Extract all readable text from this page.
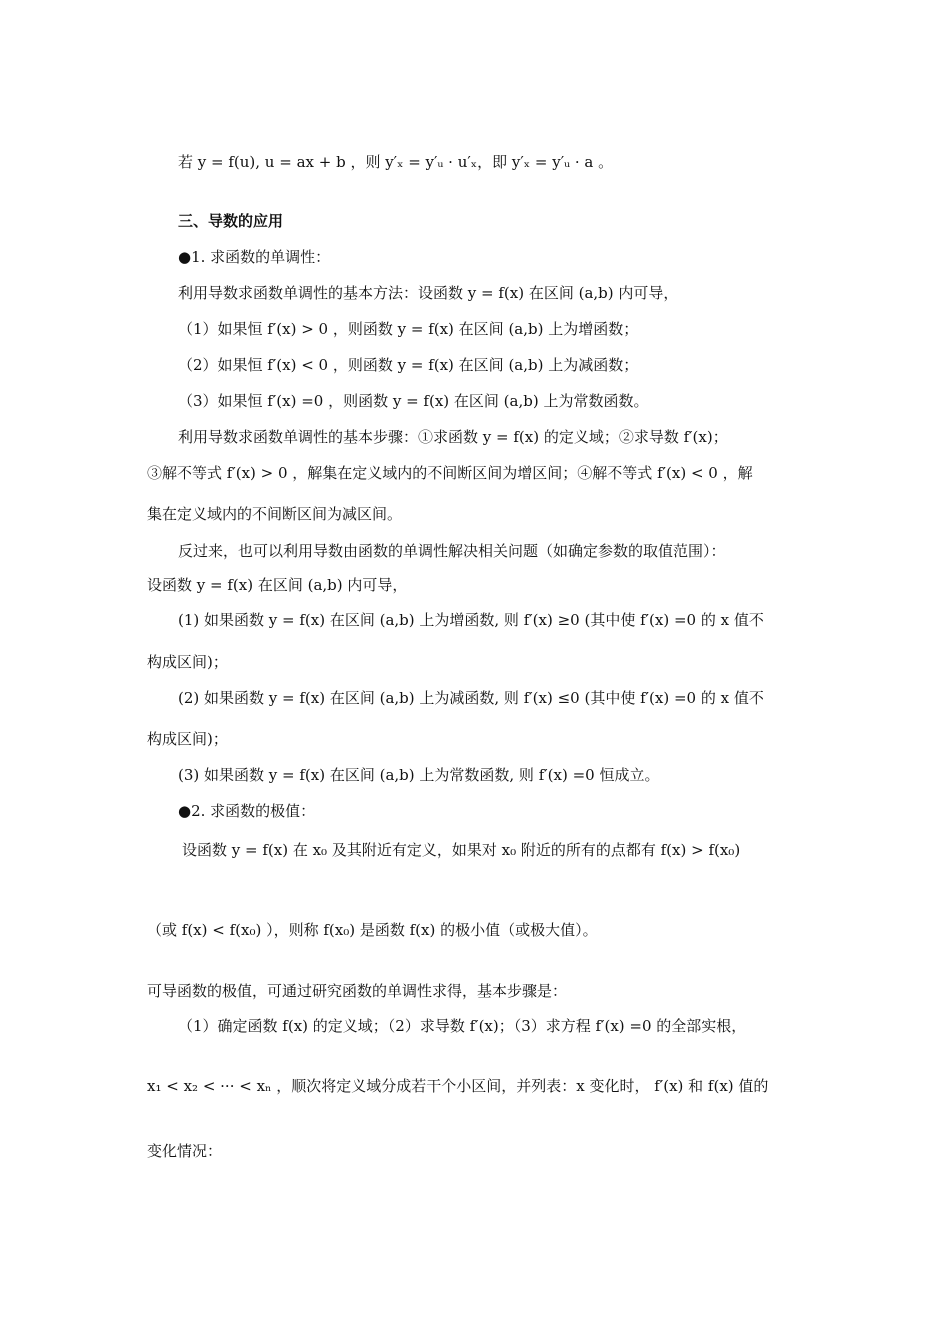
若 y = f(u), u = ax + b ，则 y′ₓ = y′ᵤ · u′ₓ，即 y′ₓ = y′ᵤ · a 。
三、导数的应用
●1. 求函数的单调性：
利用导数求函数单调性的基本方法：设函数 y = f(x) 在区间 (a,b) 内可导，
（1）如果恒 f′(x) > 0 ，则函数 y = f(x) 在区间 (a,b) 上为增函数；
（2）如果恒 f′(x) < 0 ，则函数 y = f(x) 在区间 (a,b) 上为减函数；
（3）如果恒 f′(x) =0 ，则函数 y = f(x) 在区间 (a,b) 上为常数函数。
利用导数求函数单调性的基本步骤：①求函数 y = f(x) 的定义域；②求导数 f′(x)；
③解不等式 f′(x) > 0 ，解集在定义域内的不间断区间为增区间；④解不等式 f′(x) < 0 ，解
集在定义域内的不间断区间为减区间。
反过来，也可以利用导数由函数的单调性解决相关问题（如确定参数的取值范围）：
设函数 y = f(x) 在区间 (a,b) 内可导，
(1) 如果函数 y = f(x) 在区间 (a,b) 上为增函数, 则 f′(x) ≥0 (其中使 f′(x) =0 的 x 值不
构成区间)；
(2) 如果函数 y = f(x) 在区间 (a,b) 上为减函数, 则 f′(x) ≤0 (其中使 f′(x) =0 的 x 值不
构成区间)；
(3) 如果函数 y = f(x) 在区间 (a,b) 上为常数函数, 则 f′(x) =0 恒成立。
●2. 求函数的极值：
设函数 y = f(x) 在 x₀ 及其附近有定义，如果对 x₀ 附近的所有的点都有 f(x) > f(x₀)
（或 f(x) < f(x₀) ），则称 f(x₀) 是函数 f(x) 的极小值（或极大值）。
可导函数的极值，可通过研究函数的单调性求得，基本步骤是：
（1）确定函数 f(x) 的定义域；（2）求导数 f′(x)；（3）求方程 f′(x) =0 的全部实根，
x₁ < x₂ < ··· < xₙ ，顺次将定义域分成若干个小区间，并列表：x 变化时， f′(x) 和 f(x) 值的
变化情况：
